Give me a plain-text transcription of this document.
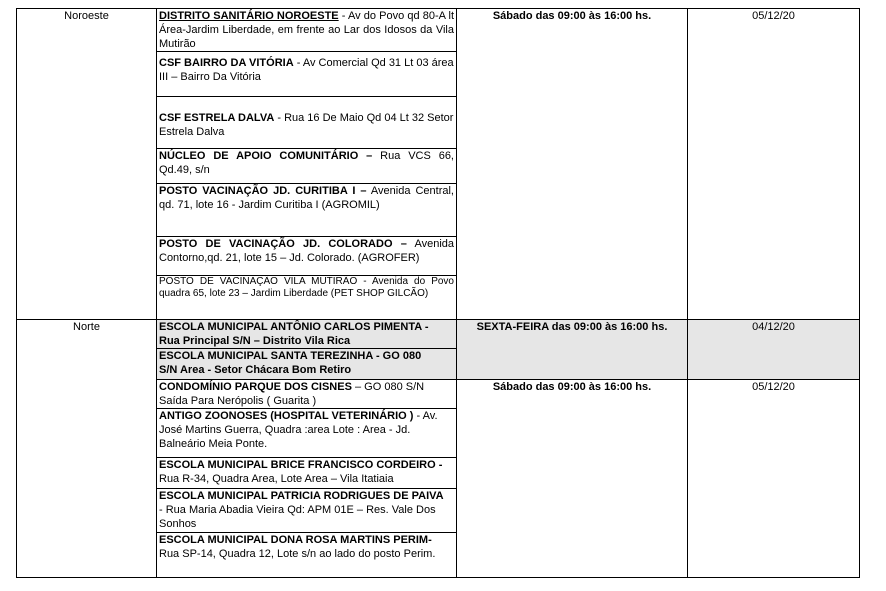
Noroeste	DISTRITO SANITÁRIO NOROESTE - Av do Povo qd 80-A lt Área-Jardim Liberdade, em frente ao Lar dos Idosos da Vila Mutirão	Sábado das 09:00 às 16:00 hs.	05/12/20
	CSF BAIRRO DA VITÓRIA - Av Comercial Qd 31 Lt 03 área III – Bairro Da Vitória		
	CSF ESTRELA DALVA - Rua 16 De Maio Qd 04 Lt 32 Setor Estrela Dalva		
	NÚCLEO DE APOIO COMUNITÁRIO – Rua VCS 66, Qd.49, s/n		
	POSTO VACINAÇÃO JD. CURITIBA I – Avenida Central, qd. 71, lote 16 - Jardim Curitiba I (AGROMIL)		
	POSTO DE VACINAÇÃO JD. COLORADO – Avenida Contorno,qd. 21, lote 15 – Jd. Colorado. (AGROFER)		
	POSTO DE VACINAÇÃO VILA MUTIRÃO - Avenida do Povo quadra 65, lote 23 – Jardim Liberdade (PET SHOP GILCÃO)		
Norte	ESCOLA MUNICIPAL ANTÔNIO CARLOS PIMENTA -
Rua Principal S/N – Distrito Vila Rica	SEXTA-FEIRA das 09:00 às 16:00 hs.	04/12/20
	ESCOLA MUNICIPAL SANTA TEREZINHA - GO 080
S/N Area - Setor Chácara Bom Retiro		
	CONDOMÍNIO PARQUE DOS CISNES – GO 080 S/N Saída Para Nerópolis ( Guarita )	Sábado das 09:00 às 16:00 hs.	05/12/20
	ANTIGO ZOONOSES (HOSPITAL VETERINÁRIO ) - Av. José Martins Guerra, Quadra :area Lote : Area - Jd. Balneário Meia Ponte.		
	ESCOLA MUNICIPAL BRICE FRANCISCO CORDEIRO -
Rua R-34, Quadra Area, Lote Area – Vila Itatiaia		
	ESCOLA MUNICIPAL PATRICIA RODRIGUES DE PAIVA
- Rua Maria Abadia Vieira Qd: APM 01E – Res. Vale Dos Sonhos		
	ESCOLA MUNICIPAL DONA ROSA MARTINS PERIM-
Rua SP-14, Quadra 12, Lote s/n ao lado do posto Perim.		
